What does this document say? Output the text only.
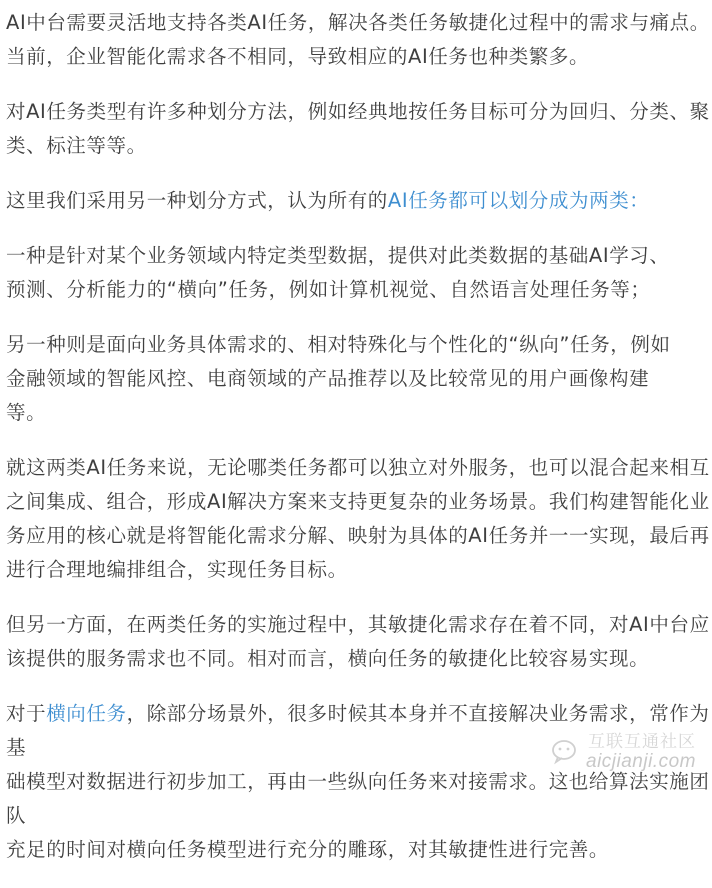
AI中台需要灵活地支持各类AI任务，解决各类任务敏捷化过程中的需求与痛点。
当前，企业智能化需求各不相同，导致相应的AI任务也种类繁多。

对AI任务类型有许多种划分方法，例如经典地按任务目标可分为回归、分类、聚
类、标注等等。

这里我们采用另一种划分方式，认为所有的AI任务都可以划分成为两类：

一种是针对某个业务领域内特定类型数据，提供对此类数据的基础AI学习、
预测、分析能力的“横向”任务，例如计算机视觉、自然语言处理任务等；

另一种则是面向业务具体需求的、相对特殊化与个性化的“纵向”任务，例如
金融领域的智能风控、电商领域的产品推荐以及比较常见的用户画像构建
等。

就这两类AI任务来说，无论哪类任务都可以独立对外服务，也可以混合起来相互
之间集成、组合，形成AI解决方案来支持更复杂的业务场景。我们构建智能化业
务应用的核心就是将智能化需求分解、映射为具体的AI任务并一一实现，最后再
进行合理地编排组合，实现任务目标。

但另一方面，在两类任务的实施过程中，其敏捷化需求存在着不同，对AI中台应
该提供的服务需求也不同。相对而言，横向任务的敏捷化比较容易实现。

对于横向任务，除部分场景外，很多时候其本身并不直接解决业务需求，常作为基
础模型对数据进行初步加工，再由一些纵向任务来对接需求。这也给算法实施团队
充足的时间对横向任务模型进行充分的雕琢，对其敏捷性进行完善。

互联互通社区
aicjianji.com
